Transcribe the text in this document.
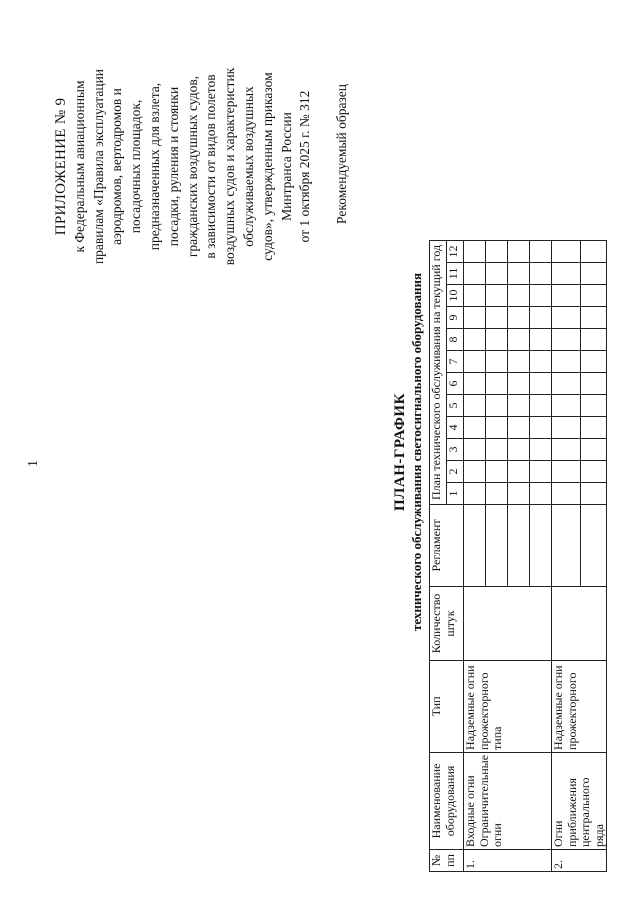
1
ПРИЛОЖЕНИЕ № 9 к Федеральным авиационным правилам «Правила эксплуатации аэродромов, вертодромов и посадочных площадок, предназначенных для взлета, посадки, руления и стоянки гражданских воздушных судов, в зависимости от видов полетов воздушных судов и характеристик обслуживаемых воздушных судов», утвержденным приказом Минтранса России от 1 октября 2025 г. № 312 Рекомендуемый образец
ПЛАН-ГРАФИК технического обслуживания светосигнального оборудования
№ пп	Наименование оборудования	Тип	Количество штук	Регламент	План технического обслуживания на текущий год											
					1	2	3	4	5	6	7	8	9	10	11	12
1.	Входные огни Ограничительные огни	Надземные огни прожекторного типа														

2.	Огни приближения центрального ряда	Надземные огни прожекторного														
